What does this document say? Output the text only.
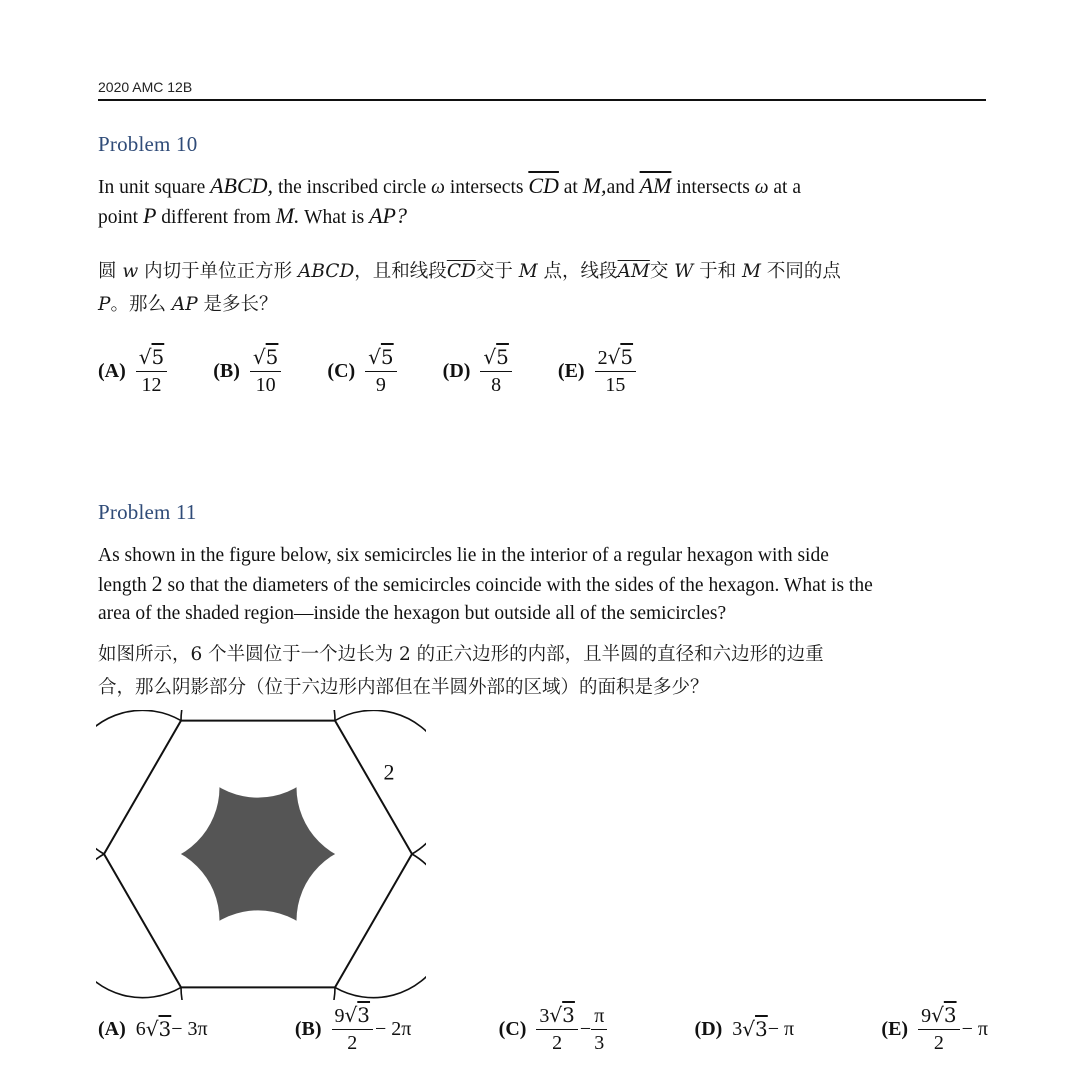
2020 AMC 12B
Problem 10
In unit square ABCD, the inscribed circle ω intersects $\overline{CD}$ at M,and $\overline{AM}$ intersects ω at a
point P different from M. What is AP?
圆 w 内切于单位正方形 ABCD，且和线段$\overline{CD}$交于 M 点，线段$\overline{AM}$交 W 于和 M 不同的点
P。那么 AP 是多长？
$(A) \frac{√5}{12} (B) \frac{√5}{10} (C) \frac{√5}{9} (D) \frac{√5}{8} (E) \frac{2√5}{15}$
Problem 11
As shown in the figure below, six semicircles lie in the interior of a regular hexagon with side
length 2 so that the diameters of the semicircles coincide with the sides of the hexagon. What is the
area of the shaded region—inside the hexagon but outside all of the semicircles?
如图所示，6 个半圆位于一个边长为 2 的正六边形的内部，且半圆的直径和六边形的边重
合，那么阴影部分（位于六边形内部但在半圆外部的区域）的面积是多少？
2
(A) 6 √3 − 3π	$(B) \frac{9√3}{2} - 2\pi$	$(C) \frac{3√3}{2} - \frac{\pi}{3}$	(D) 3 √3 − π	$(E) \frac{9√3}{2} - \pi$
